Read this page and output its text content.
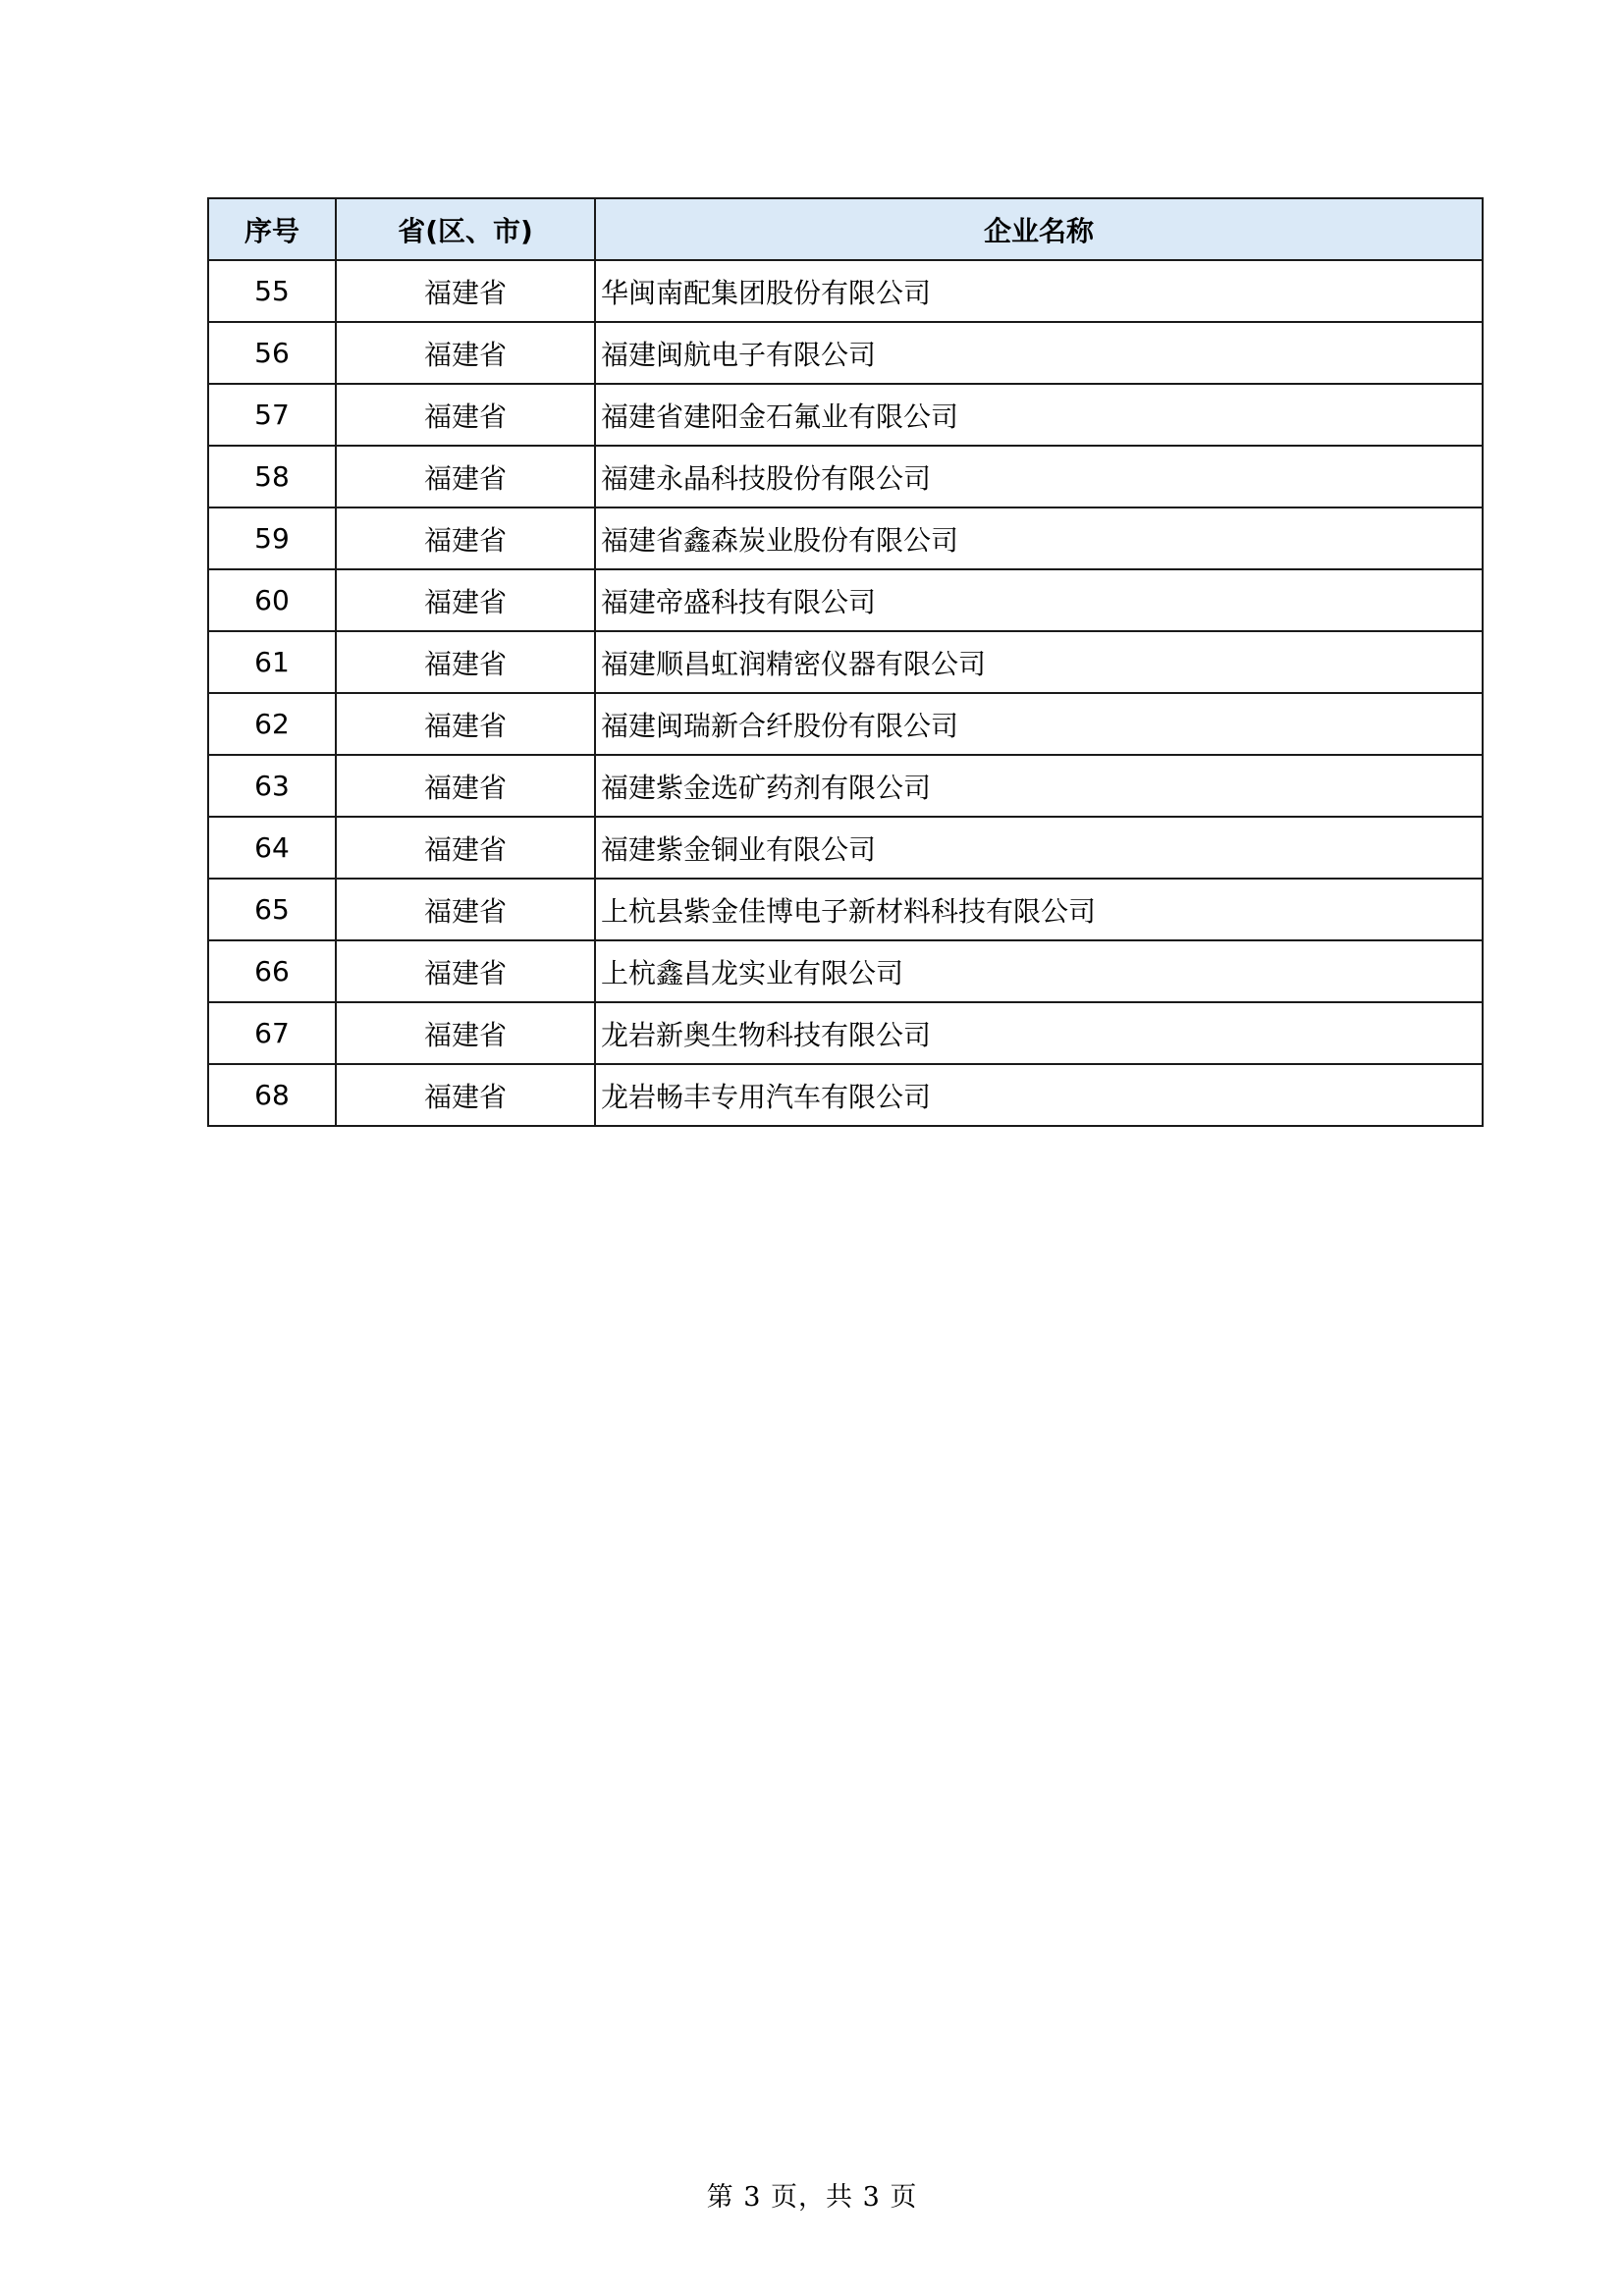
序号	省(区、市)	企业名称
55	福建省	华闽南配集团股份有限公司
56	福建省	福建闽航电子有限公司
57	福建省	福建省建阳金石氟业有限公司
58	福建省	福建永晶科技股份有限公司
59	福建省	福建省鑫森炭业股份有限公司
60	福建省	福建帝盛科技有限公司
61	福建省	福建顺昌虹润精密仪器有限公司
62	福建省	福建闽瑞新合纤股份有限公司
63	福建省	福建紫金选矿药剂有限公司
64	福建省	福建紫金铜业有限公司
65	福建省	上杭县紫金佳博电子新材料科技有限公司
66	福建省	上杭鑫昌龙实业有限公司
67	福建省	龙岩新奥生物科技有限公司
68	福建省	龙岩畅丰专用汽车有限公司
第 3 页，共 3 页
